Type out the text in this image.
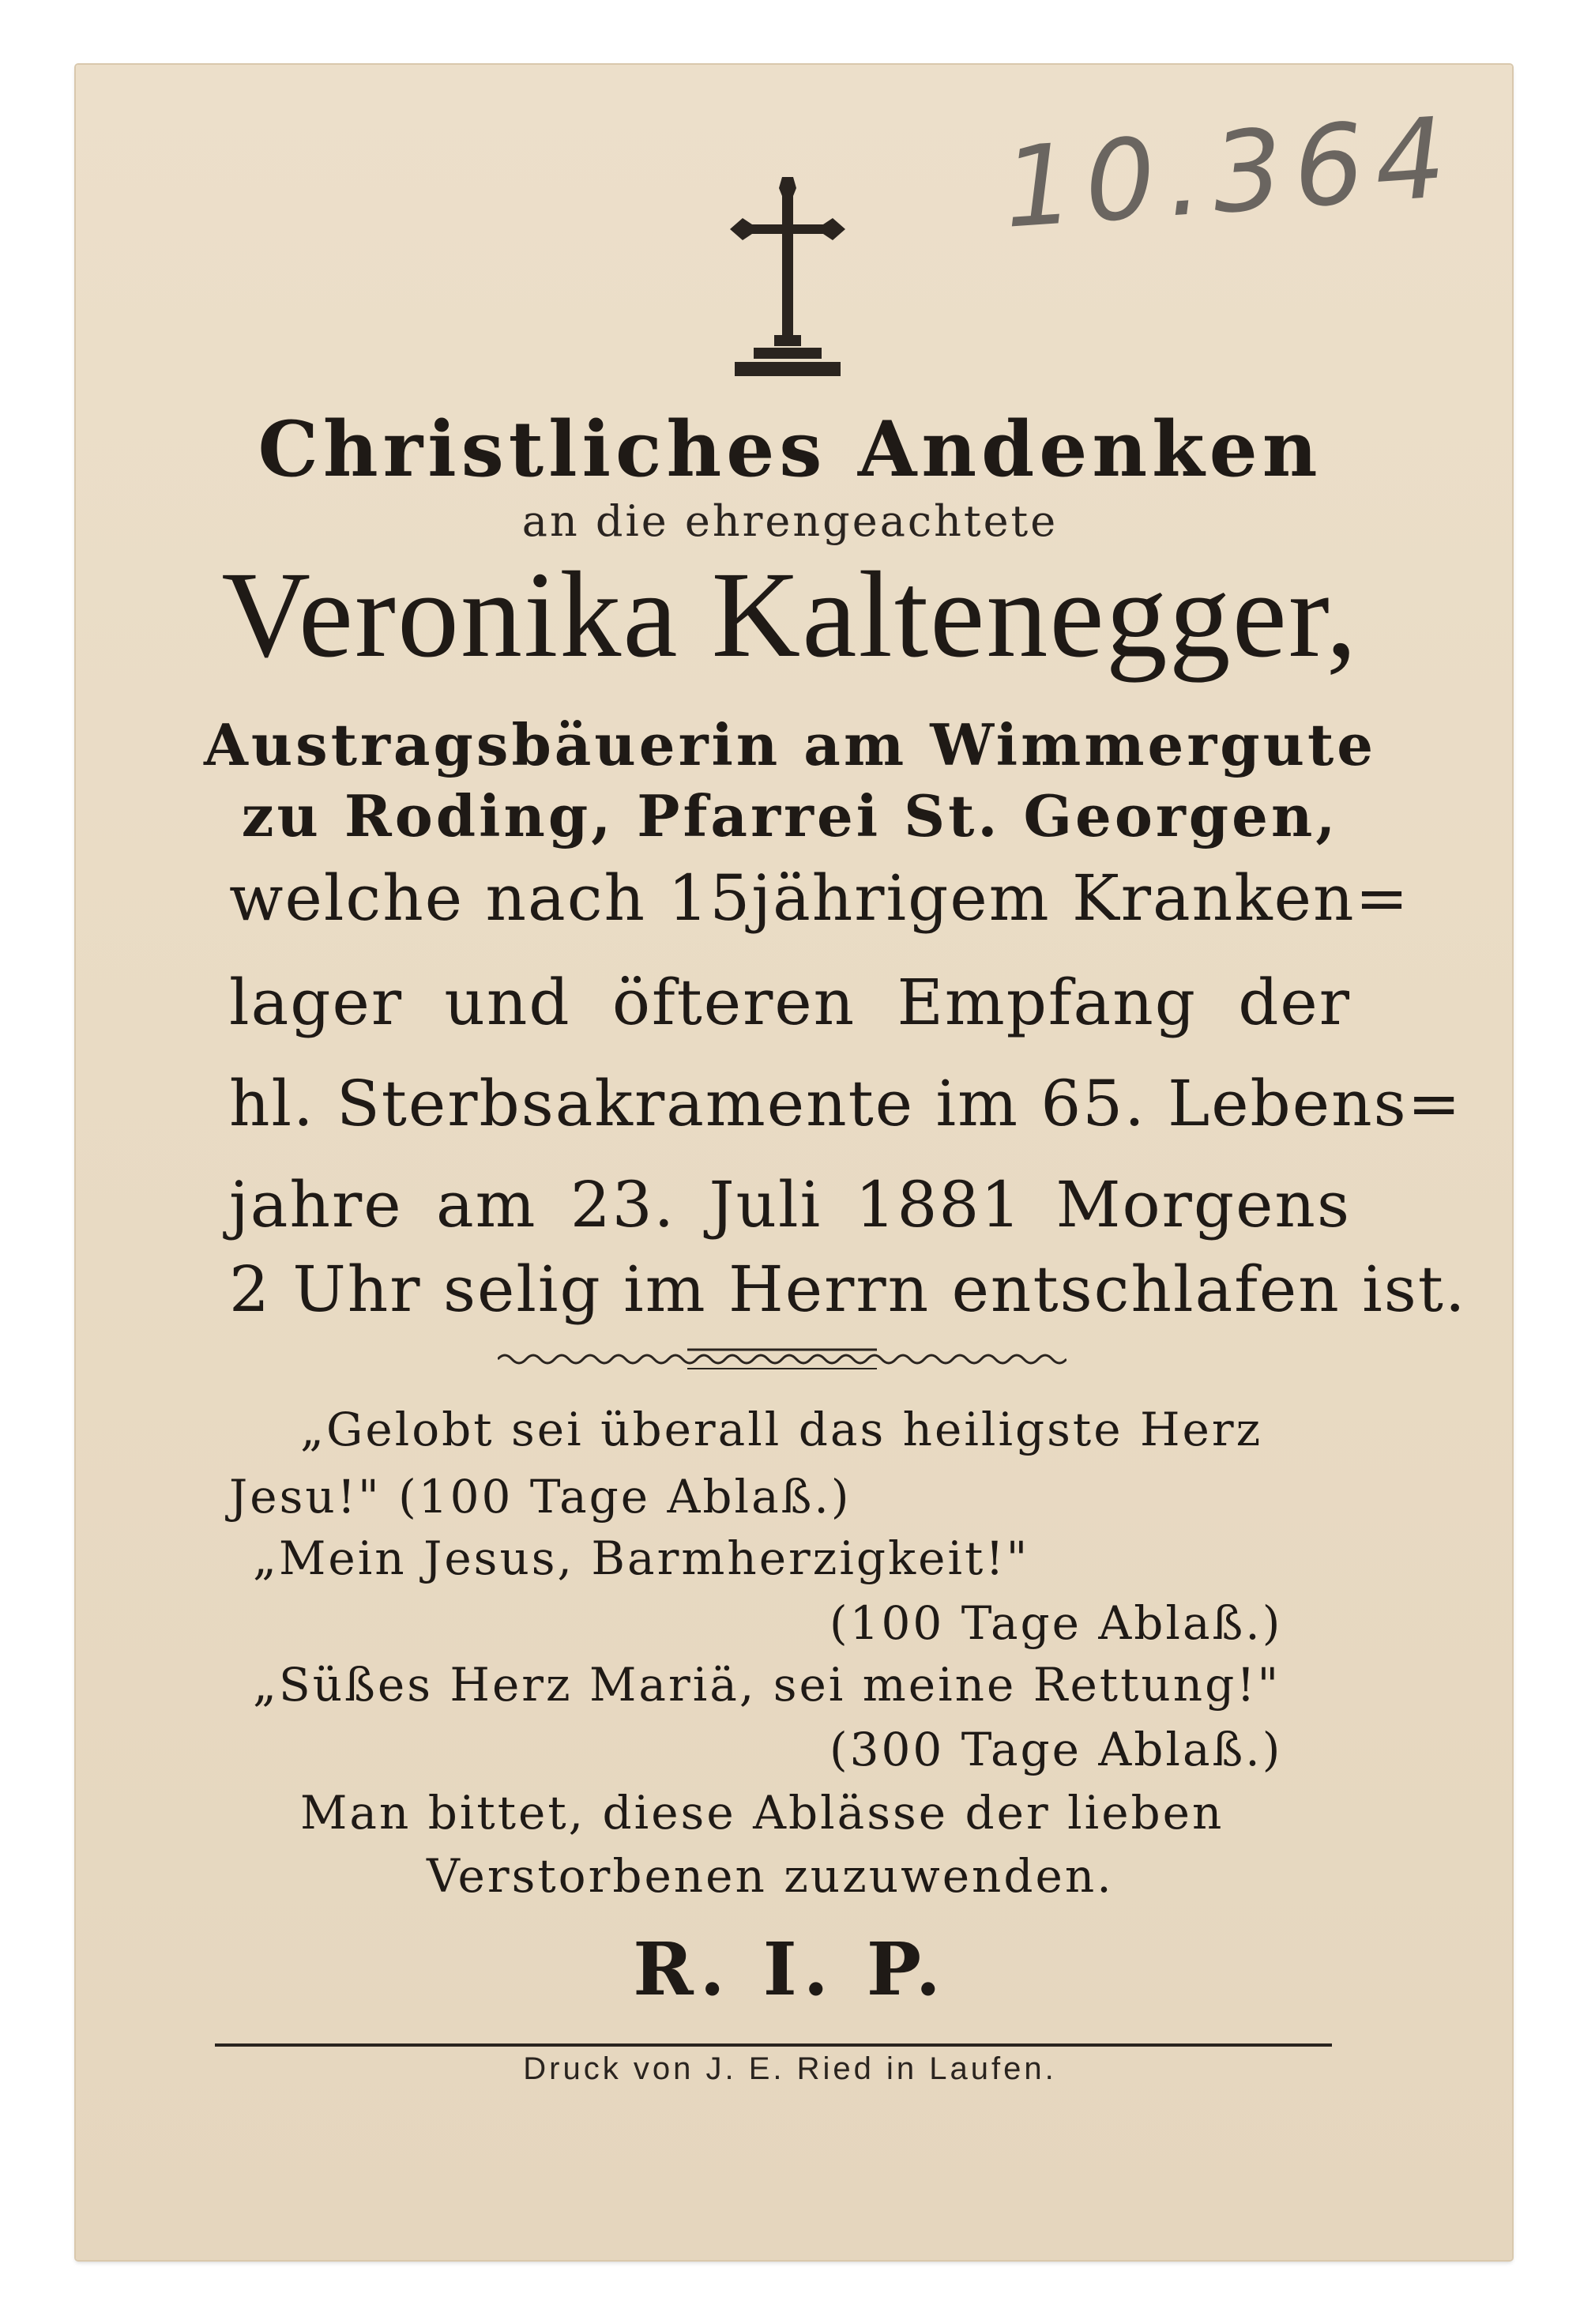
10.364
Christliches Andenken
an die ehrengeachtete
Veronika Kaltenegger,
Austragsbäuerin am Wimmergute
zu Roding, Pfarrei St. Georgen,
welche nach 15jährigem Kranken=
lager und öfteren Empfang der
hl. Sterbsakramente im 65. Lebens=
jahre am 23. Juli 1881 Morgens
2 Uhr selig im Herrn entschlafen ist.
„Gelobt sei überall das heiligste Herz
Jesu!" (100 Tage Ablaß.)
„Mein Jesus, Barmherzigkeit!"
(100 Tage Ablaß.)
„Süßes Herz Mariä, sei meine Rettung!"
(300 Tage Ablaß.)
Man bittet, diese Ablässe der lieben
Verstorbenen zuzuwenden.
R. I. P.
Druck von J. E. Ried in Laufen.
